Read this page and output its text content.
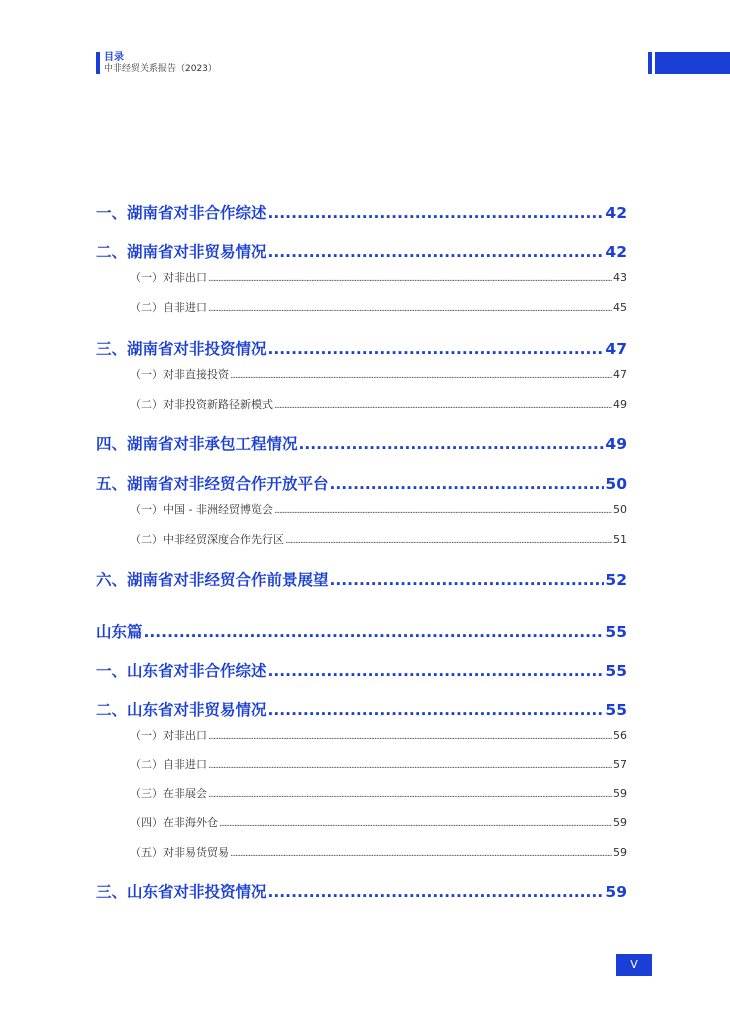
目录
中非经贸关系报告（2023）
一、湖南省对非合作综述 .....	42
二、湖南省对非贸易情况 .....	42
（一）对非出口 .....	43
（二）自非进口 .....	45
三、湖南省对非投资情况 .....	47
（一）对非直接投资 .....	47
（二）对非投资新路径新模式 .....	49
四、湖南省对非承包工程情况 .....	49
五、湖南省对非经贸合作开放平台 .....	50
（一）中国 - 非洲经贸博览会 .....	50
（二）中非经贸深度合作先行区 .....	51
六、湖南省对非经贸合作前景展望 .....	52
山东篇 .....	55
一、山东省对非合作综述 .....	55
二、山东省对非贸易情况 .....	55
（一）对非出口 .....	56
（二）自非进口 .....	57
（三）在非展会 .....	59
（四）在非海外仓 .....	59
（五）对非易货贸易 .....	59
三、山东省对非投资情况 .....	59
V
